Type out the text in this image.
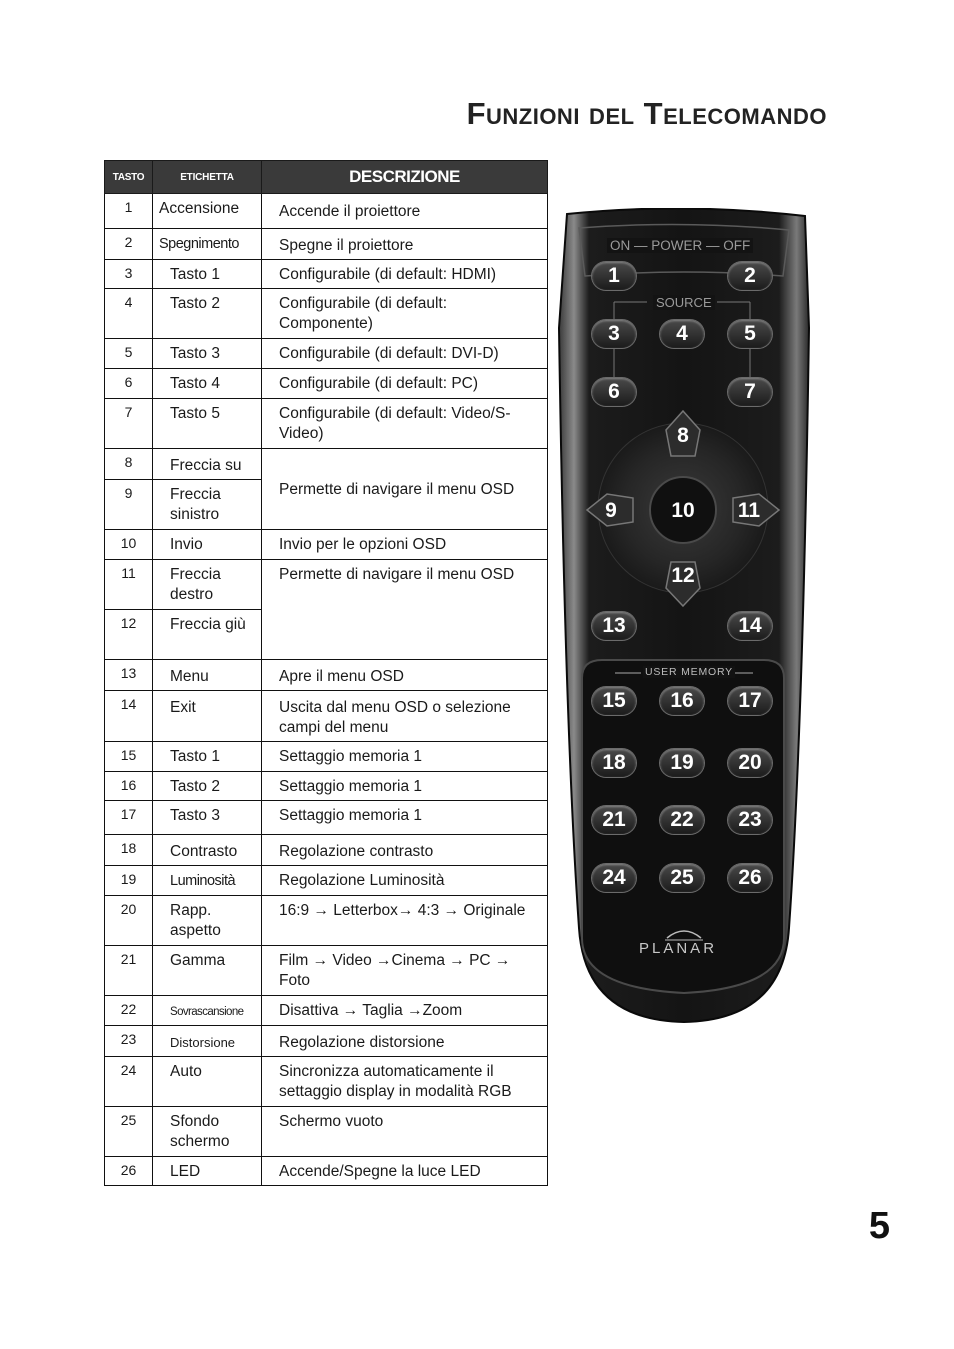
Funzioni del Telecomando
TASTO	ETICHETTA	DESCRIZIONE
1	Accensione	Accende il proiettore
2	Spegnimento	Spegne il proiettore
3	Tasto 1	Configurabile (di default: HDMI)
4	Tasto 2	Configurabile (di default: Componente)
5	Tasto 3	Configurabile (di default: DVI-D)
6	Tasto 4	Configurabile (di default: PC)
7	Tasto 5	Configurabile (di default: Video/S-Video)
8	Freccia su	Permette di navigare il menu OSD
9	Freccia sinistro	
10	Invio	Invio per le opzioni OSD
11	Freccia destro	Permette di navigare il menu OSD
12	Freccia giù	
13	Menu	Apre il menu OSD
14	Exit	Uscita dal menu OSD o selezione campi del menu
15	Tasto 1	Settaggio memoria 1
16	Tasto 2	Settaggio memoria 1
17	Tasto 3	Settaggio memoria 1
18	Contrasto	Regolazione contrasto
19	Luminosità	Regolazione Luminosità
20	Rapp. aspetto	16:9 → Letterbox→ 4:3 → Originale
21	Gamma	Film → Video →Cinema → PC → Foto
22	Sovrascansione	Disattiva → Taglia →Zoom
23	Distorsione	Regolazione distorsione
24	Auto	Sincronizza automaticamente il settaggio display in modalità RGB
25	Sfondo schermo	Schermo vuoto
26	LED	Accende/Spegne la luce LED
ON — POWER — OFF
SOURCE
USER MEMORY
PLANAR
1	2
3	4	5
6	7
8
9	10	11
12
13	14
15	16	17
18	19	20
21	22	23
24	25	26
5
